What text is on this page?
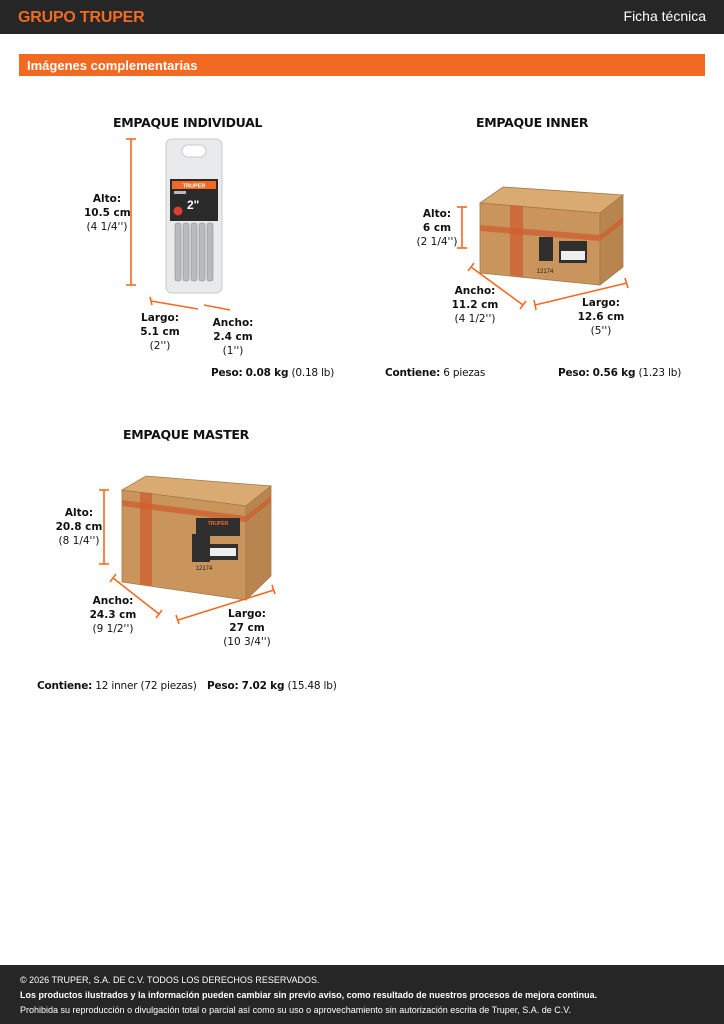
GRUPO TRUPER	Ficha técnica
Imágenes complementarias
EMPAQUE INDIVIDUAL
TRUPER
2"
Alto:
10.5 cm
(4 1/4'')
Largo:
5.1 cm
(2'')
Ancho:
2.4 cm
(1'')
Peso: 0.08 kg (0.18 lb)
EMPAQUE INNER
12174
Alto:
6 cm
(2 1/4'')
Ancho:
11.2 cm
(4 1/2'')
Largo:
12.6 cm
(5'')
Contiene: 6 piezas	Peso: 0.56 kg (1.23 lb)
EMPAQUE MASTER
TRUPER
12174
Alto:
20.8 cm
(8 1/4'')
Ancho:
24.3 cm
(9 1/2'')
Largo:
27 cm
(10 3/4'')
Contiene: 12 inner (72 piezas) Peso: 7.02 kg (15.48 lb)
© 2026 TRUPER, S.A. DE C.V. TODOS LOS DERECHOS RESERVADOS.
Los productos ilustrados y la información pueden cambiar sin previo aviso, como resultado de nuestros procesos de mejora continua.
Prohibida su reproducción o divulgación total o parcial así como su uso o aprovechamiento sin autorización escrita de Truper, S.A. de C.V.
